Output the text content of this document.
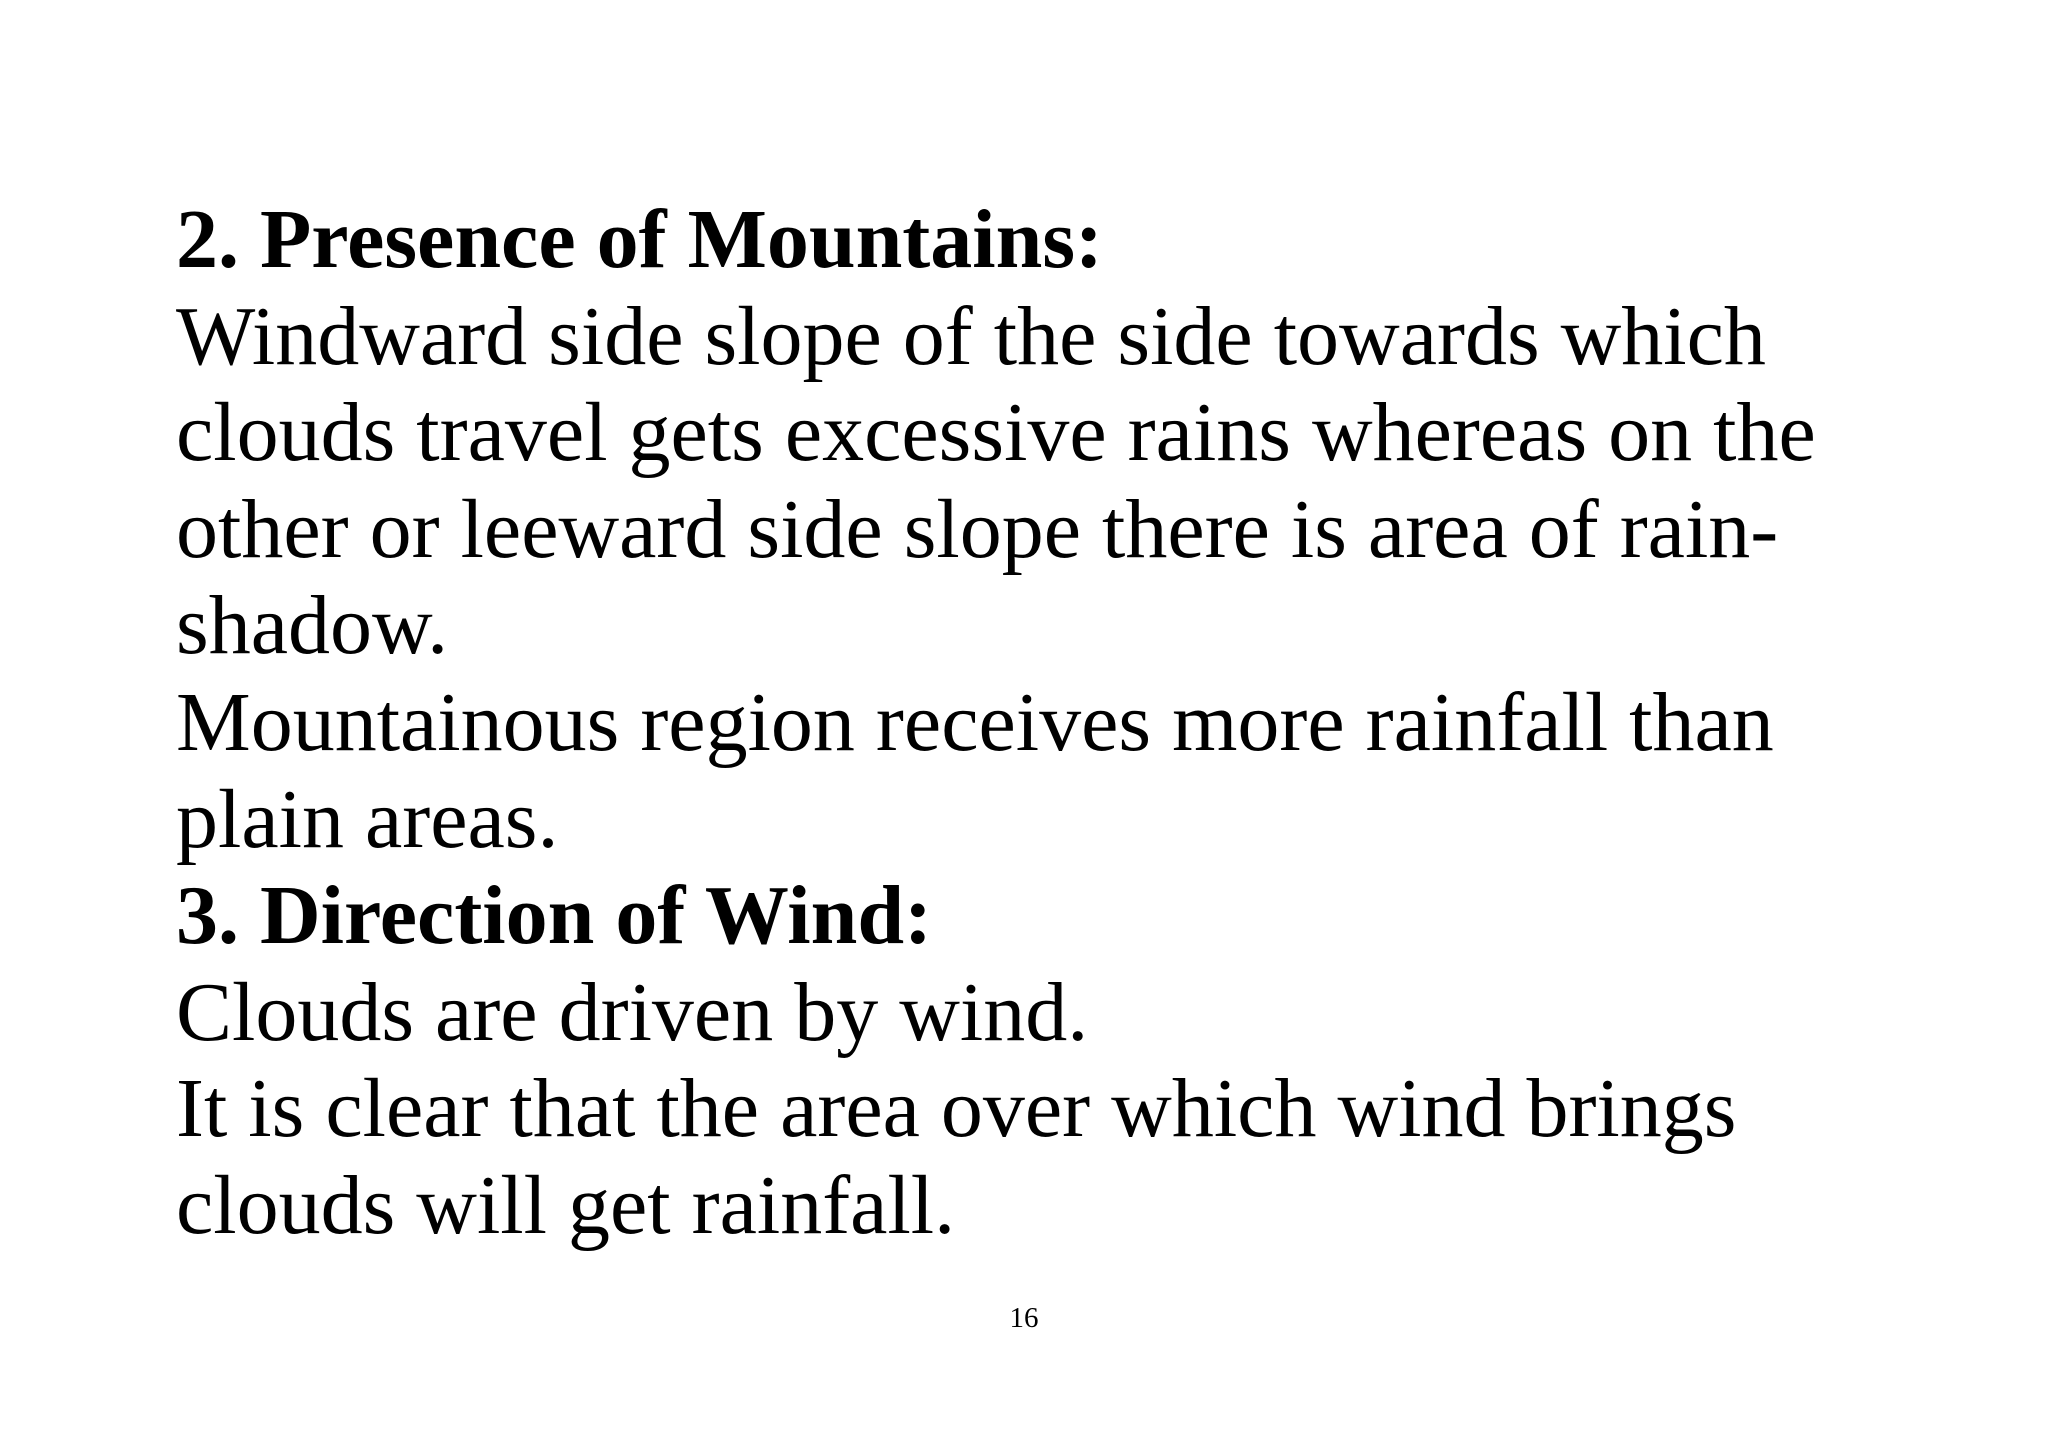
2. Presence of Mountains:
Windward side slope of the side towards which
clouds travel gets excessive rains whereas on the
other or leeward side slope there is area of rain-
shadow.
Mountainous region receives more rainfall than
plain areas.
3. Direction of Wind:
Clouds are driven by wind.
It is clear that the area over which wind brings
clouds will get rainfall.
16
